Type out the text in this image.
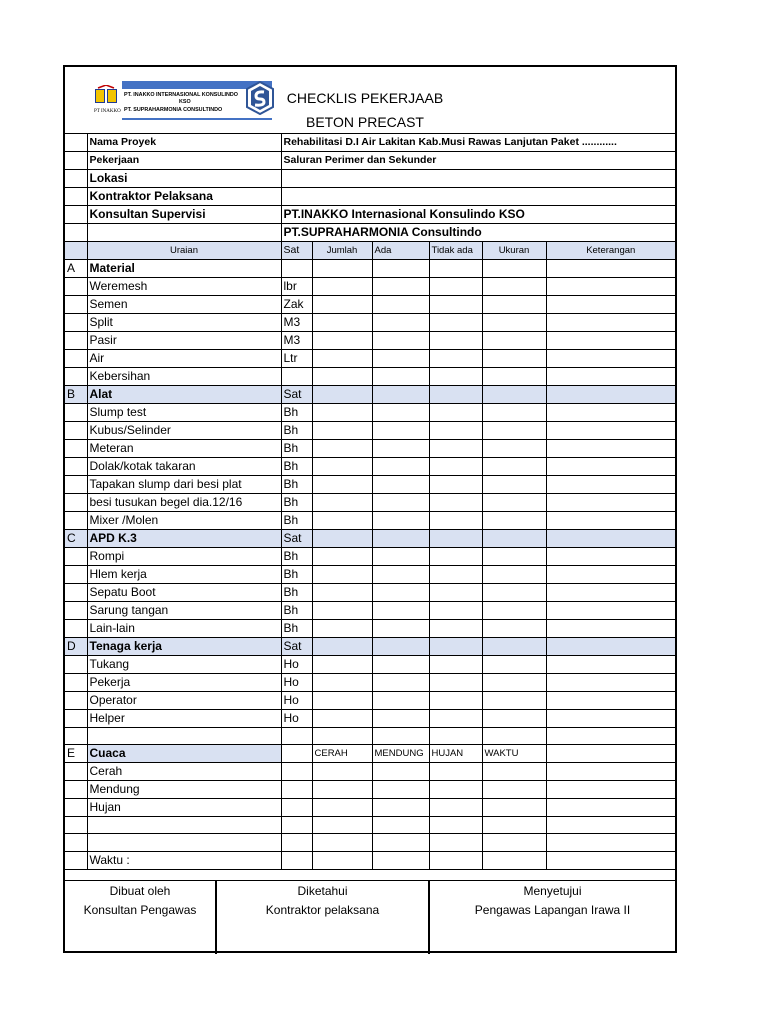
PT INAKKO
PT. INAKKO INTERNASIONAL KONSULINDO
KSO
PT. SUPRAHARMONIA CONSULTINDO
CHECKLIS PEKERJAAB
BETON PRECAST
	Nama Proyek	Rehabilitasi D.I Air Lakitan Kab.Musi Rawas Lanjutan Paket ............					
	Pekerjaan	Saluran Perimer dan Sekunder					
	Lokasi						
	Kontraktor Pelaksana						
	Konsultan Supervisi	PT.INAKKO Internasional Konsulindo KSO					
		PT.SUPRAHARMONIA Consultindo					
	Uraian	Sat	Jumlah	Ada	Tidak ada	Ukuran	Keterangan
A	Material						
	Weremesh	lbr					
	Semen	Zak					
	Split	M3					
	Pasir	M3					
	Air	Ltr					
	Kebersihan						
B	Alat	Sat					
	Slump test	Bh					
	Kubus/Selinder	Bh					
	Meteran	Bh					
	Dolak/kotak takaran	Bh					
	Tapakan slump dari besi plat	Bh					
	besi tusukan begel dia.12/16	Bh					
	Mixer /Molen	Bh					
C	APD K.3	Sat					
	Rompi	Bh					
	Hlem kerja	Bh					
	Sepatu Boot	Bh					
	Sarung tangan	Bh					
	Lain-lain	Bh					
D	Tenaga kerja	Sat					
	Tukang	Ho					
	Pekerja	Ho					
	Operator	Ho					
	Helper	Ho					

E	Cuaca		CERAH	MENDUNG	HUJAN	WAKTU	
	Cerah						
	Mendung						
	Hujan						

	Waktu :						
Dibuat oleh
Konsultan Pengawas
Diketahui
Kontraktor pelaksana
Menyetujui
Pengawas Lapangan Irawa II
